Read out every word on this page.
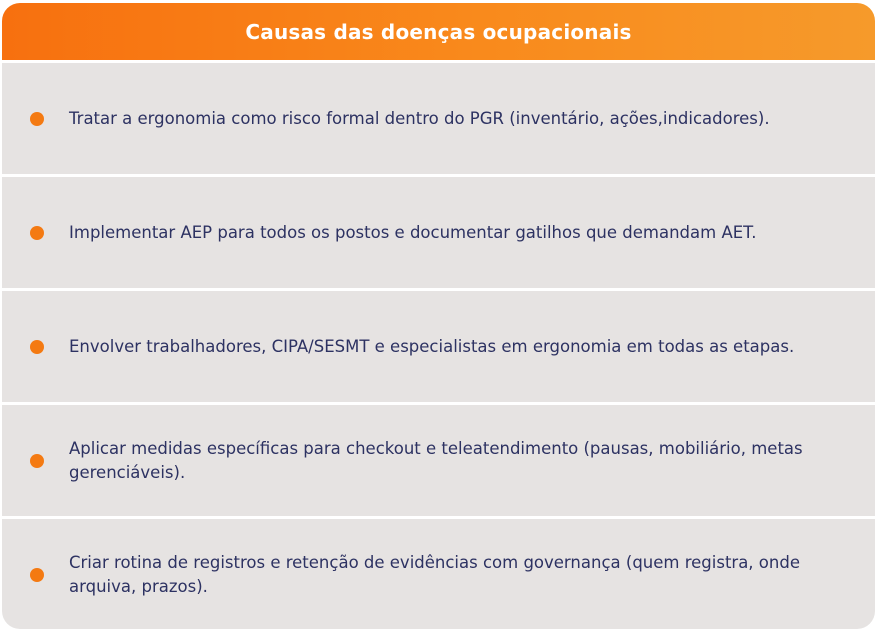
Causas das doenças ocupacionais
Tratar a ergonomia como risco formal dentro do PGR (inventário, ações,indicadores).
Implementar AEP para todos os postos e documentar gatilhos que demandam AET.
Envolver trabalhadores, CIPA/SESMT e especialistas em ergonomia em todas as etapas.
Aplicar medidas específicas para checkout e teleatendimento (pausas, mobiliário, metas gerenciáveis).
Criar rotina de registros e retenção de evidências com governança (quem registra, onde arquiva, prazos).
